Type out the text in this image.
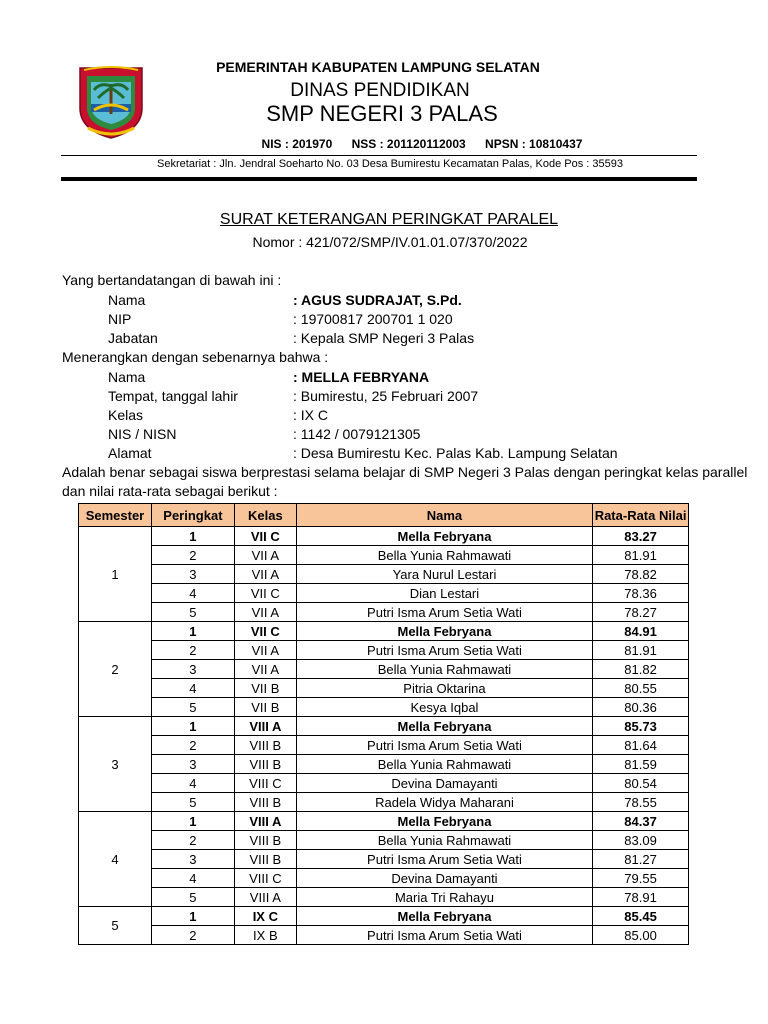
PEMERINTAH KABUPATEN LAMPUNG SELATAN
DINAS PENDIDIKAN
SMP NEGERI 3 PALAS
NIS : 201970 NSS : 201120112003 NPSN : 10810437
Sekretariat : Jln. Jendral Soeharto No. 03 Desa Bumirestu Kecamatan Palas, Kode Pos : 35593
SURAT KETERANGAN PERINGKAT PARALEL
Nomor : 421/072/SMP/IV.01.01.07/370/2022
Yang bertandatangan di bawah ini :
Nama	: AGUS SUDRAJAT, S.Pd.
NIP	: 19700817 200701 1 020
Jabatan	: Kepala SMP Negeri 3 Palas
Menerangkan dengan sebenarnya bahwa :
Nama	: MELLA FEBRYANA
Tempat, tanggal lahir	: Bumirestu, 25 Februari 2007
Kelas	: IX C
NIS / NISN	: 1142 / 0079121305
Alamat	: Desa Bumirestu Kec. Palas Kab. Lampung Selatan
Adalah benar sebagai siswa berprestasi selama belajar di SMP Negeri 3 Palas dengan peringkat kelas parallel
dan nilai rata-rata sebagai berikut :
Semester	Peringkat	Kelas	Nama	Rata-Rata Nilai
1	1	VII C	Mella Febryana	83.27
	2	VII A	Bella Yunia Rahmawati	81.91
	3	VII A	Yara Nurul Lestari	78.82
	4	VII C	Dian Lestari	78.36
	5	VII A	Putri Isma Arum Setia Wati	78.27
2	1	VII C	Mella Febryana	84.91
	2	VII A	Putri Isma Arum Setia Wati	81.91
	3	VII A	Bella Yunia Rahmawati	81.82
	4	VII B	Pitria Oktarina	80.55
	5	VII B	Kesya Iqbal	80.36
3	1	VIII A	Mella Febryana	85.73
	2	VIII B	Putri Isma Arum Setia Wati	81.64
	3	VIII B	Bella Yunia Rahmawati	81.59
	4	VIII C	Devina Damayanti	80.54
	5	VIII B	Radela Widya Maharani	78.55
4	1	VIII A	Mella Febryana	84.37
	2	VIII B	Bella Yunia Rahmawati	83.09
	3	VIII B	Putri Isma Arum Setia Wati	81.27
	4	VIII C	Devina Damayanti	79.55
	5	VIII A	Maria Tri Rahayu	78.91
5	1	IX C	Mella Febryana	85.45
	2	IX B	Putri Isma Arum Setia Wati	85.00
